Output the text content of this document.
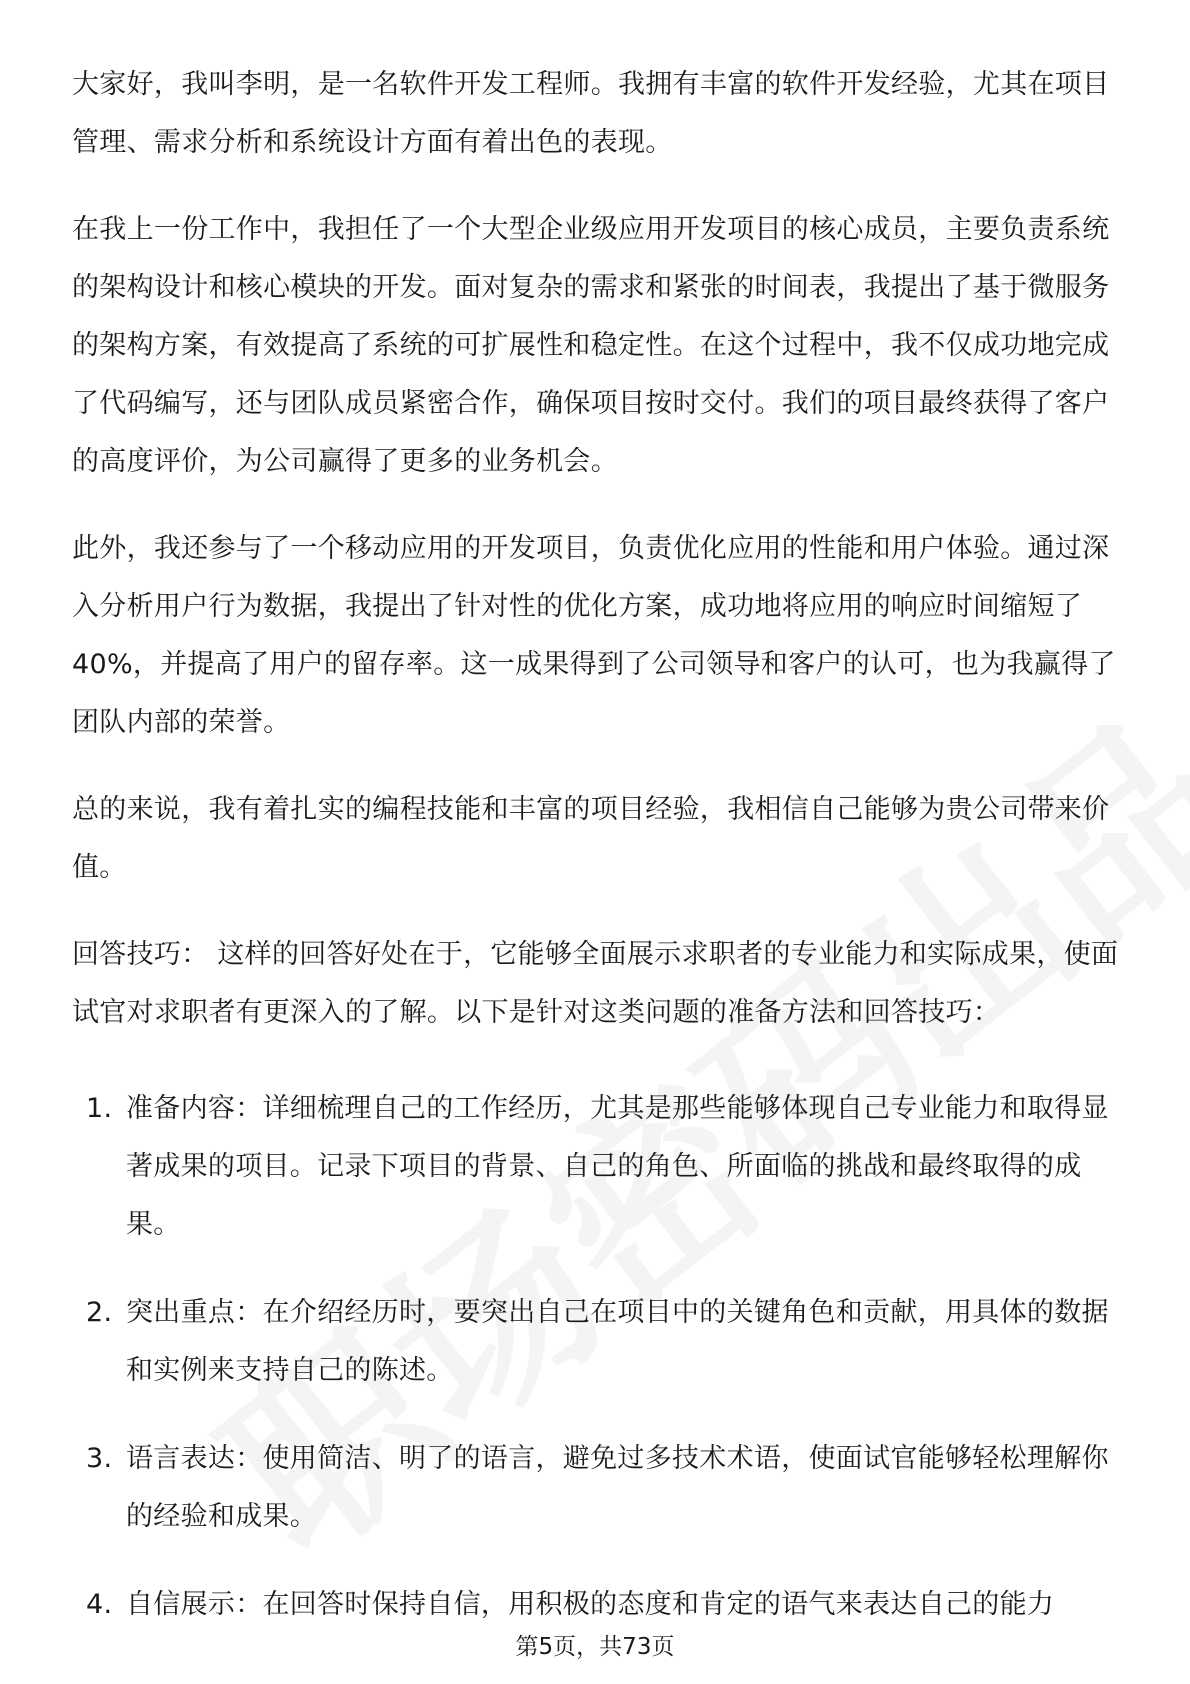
大家好，我叫李明，是一名软件开发工程师。我拥有丰富的软件开发经验，尤其在项目管理、需求分析和系统设计方面有着出色的表现。

在我上一份工作中，我担任了一个大型企业级应用开发项目的核心成员，主要负责系统的架构设计和核心模块的开发。面对复杂的需求和紧张的时间表，我提出了基于微服务的架构方案，有效提高了系统的可扩展性和稳定性。在这个过程中，我不仅成功地完成了代码编写，还与团队成员紧密合作，确保项目按时交付。我们的项目最终获得了客户的高度评价，为公司赢得了更多的业务机会。

此外，我还参与了一个移动应用的开发项目，负责优化应用的性能和用户体验。通过深入分析用户行为数据，我提出了针对性的优化方案，成功地将应用的响应时间缩短了40%，并提高了用户的留存率。这一成果得到了公司领导和客户的认可，也为我赢得了团队内部的荣誉。

总的来说，我有着扎实的编程技能和丰富的项目经验，我相信自己能够为贵公司带来价值。

回答技巧： 这样的回答好处在于，它能够全面展示求职者的专业能力和实际成果，使面试官对求职者有更深入的了解。以下是针对这类问题的准备方法和回答技巧：

1. 准备内容：详细梳理自己的工作经历，尤其是那些能够体现自己专业能力和取得显著成果的项目。记录下项目的背景、自己的角色、所面临的挑战和最终取得的成果。
2. 突出重点：在介绍经历时，要突出自己在项目中的关键角色和贡献，用具体的数据和实例来支持自己的陈述。
3. 语言表达：使用简洁、明了的语言，避免过多技术术语，使面试官能够轻松理解你的经验和成果。
4. 自信展示：在回答时保持自信，用积极的态度和肯定的语气来表达自己的能力
第5页，共73页
